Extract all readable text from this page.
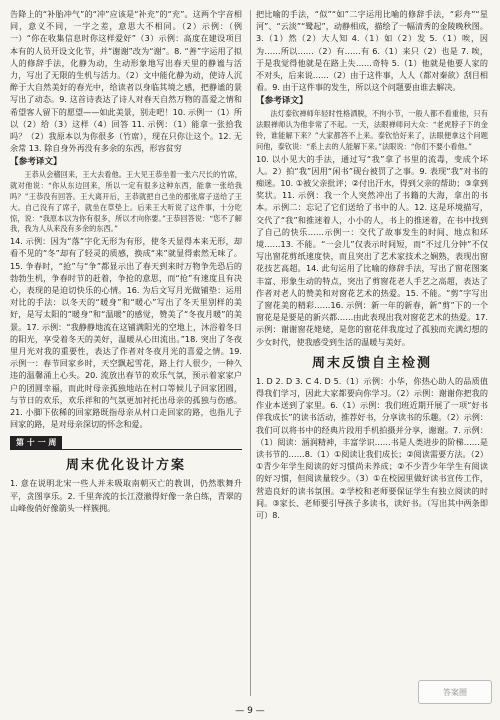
告降上的“补胎冲气”的“冲”应该是“补充”的“充”。这两个字音相同，意义不同，一字之差，意思大不相同。（2）示例：（例一）“你在收集信息时你这样爱好”（3）示例：高度在建设项目本有的人员开设文化节，并“谢谢”改为“谢”。8. “善”字运用了拟人的修辞手法，化静为动，生动形象地写出春天里的静谧与活力，写出了无限的生机与活力。（2）文中能化静为动，使诗人沉醉于大自然美好的春光中，给读者以身临其境之感，把静谧的景写出了动态。9. 这首诗表达了诗人对春天自然万物的喜爱之情和希望客人留下的愿望——如此美景，别走吧！10. 示例一（1）所以（2）给（3）这样（4）回答 11. 示例：（1）能拿一张拾我吗？（2）我原本以为你很多（竹席），现在只你让这个。12. 无余常 13. 除自身外再没有多余的东西，形容贫穷

【参考译文】

王恭从会稽回来，王大去看他。王大见王恭坐着一张六尺长的竹席，就对他说：“你从东边回来，所以一定有很多这种东西，能拿一张给我吗？”王恭没有回答。王大离开后，王恭就把自己坐的那张席子送给了王大。自己没有了席子，就坐在草垫上。后来王大听说了这件事，十分吃惊，说：“我原本以为你有很多，所以才向你要。”王恭回答说：“您不了解我，我为人从来没有多余的东西。”

14. 示例：因为“落”字化无形为有形，使冬天显得本来无形，却看不见的“冬”却有了轻灵的质感，换成“来”就显得索然无味了。15. 争春时，“抢”与“争”都显示出了春天到来时万物争先恐后的勃勃生机，争春时节的赶着，争抢的意思，而“抢”有速度且有决心，表现的是迫切快乐的心情。16. 为后文写月光做铺垫：运用对比的手法：以冬天的“暖身”和“暖心”写出了冬天里别样的美好，是写太阳的“暖身”和“温暖”的感觉，赞美了“冬夜月暖”的美景。17. 示例：“我静静地流在这铺满阳光的空地上，沐浴着冬日的阳光，享受着冬天的美好，温暖从心田流出。”18. 突出了冬夜里月光对我的重要性，表达了作者对冬夜月光的喜爱之情。19. 示例一：春节回家乡时，天空飘起雪花，路上行人很少，一种久违的温馨涌上心头。20. 流放出春节的欢乐气氛，预示着家家户户的团圆幸福，而此时母亲孤独地站在村口等候儿子回家团圆，与节日的欢乐，欢乐祥和的气氛更加衬托出母亲的孤独与伤感。21. 小脚下依稀的回家路既指母亲从村口走回家的路，也指儿子回家的路，是对母亲深切的怀念和爱。

第 十 一 周
周末优化设计方案

1. 意在说明北宋一些人并未吸取南朝灭亡的教训，仍然歌舞升平，贪图享乐。2. 千里奔流的长江澄澈得好像一条白练，青翠的山峰俊俏好像箭头一样簇拥。

把比喻的手法，“似”“如”二字运用比喻的修辞手法，“彩舟”“星河”、“云淡”“鹭起”，动静相成，描绘了一幅清秀的金陵晚秋图。3.（1）然（2）大人知 4.（1）如（2）发 5.（1）唉，因为……所以……（2）有……有 6.（1）来只（2）也是 7. 唉，于是我觉得他就是在路上失……奇特 5.（1）他就是他要人家的不对头，后来说……（2）由于这件事，人人（都对秦欲）刮目相看。9. 由于这件事的发生，所以这个问题要由谁去解决。

【参考译文】

法灯泰钦禅师年轻时性格洒脱，不拘小节，一般人都不看重他，只有法眼禅师认为他非常了不起。一天，法眼禅师问大众：“老虎脖子下的金铃，谁能解下来？”大家都答不上来。泰钦恰好来了，法眼便拿这个问题问他，泰钦说：“系上去的人能解下来。”法眼说：“你们不要小看他。”

10. 以小见大的手法，通过写“我”拿了书里的流毒，变成个坏人。2）拍“我”因用“闲书”砚台被罚了之事。9. 表现“我”对书的痴迷。10. ①被父亲批评；②付出汗水，得到父亲的帮助；③拿到奖状。11. 示例：我一个人突然冲出了书籍的大海，拿出的书本。示例二：忘记了它们送给了书中的人。12. 这是环境描写，交代了“我”和推迷着人，小小的人，书上的推迷着，在书中找到了自己的快乐……示例一：交代了故事发生的时间、地点和环境……13. 不能。“一会儿”仅表示时间短，而“不过几分钟”不仅写出窗花剪纸速度快，而且突出了艺术家技术之娴熟，表现出窗花技艺高超。14. 此句运用了比喻的修辞手法，写出了窗花图案丰富、形象生动的特点，突出了剪窗花老人手艺之高超，表达了作者对老人的赞美和对窗花艺术的热爱。15. 不能。“剪”字写出了窗花美的精彩……16. 示例：新一年的新春，新“剪”下的一个窗花是是要是的新兴都……由此表现出我对窗花艺术的热爱。17. 示例：谢谢窗花姥姥，是您的窗花伴我度过了孤独而充满幻想的少女时代，使我感受到生活的温暖与美好。

周末反馈自主检测

1. D 2. D 3. C 4. D 5.（1）示例：小华，你热心助人的品质值得我们学习，因此大家都要向你学习。（2）示例：谢谢你把我的作业本送到了家里。6.（1）示例：我们班近期开展了一项“好书伴我成长”的读书活动，推荐好书，分享读书的乐趣。（2）示例：我们可以将书中的经典片段用手机拍摄并分享，谢谢。7. 示例：（1）阅读：涵润精神，丰富学识……书是人类进步的阶梯……是读书节的……8.（1）①阅读让我们成长；②阅读需要方法。（2）①青少年学生阅读的好习惯尚未养成；②不少青少年学生有阅读的好习惯，但阅读量较少。（3）①在校园里做好读书宣传工作，营造良好的读书氛围。②学校和老师要保证学生有独立阅读的时间。③家长、老师要引导孩子多读书，读好书。（写出其中两条即可）8.

答案圈
— 9 —
